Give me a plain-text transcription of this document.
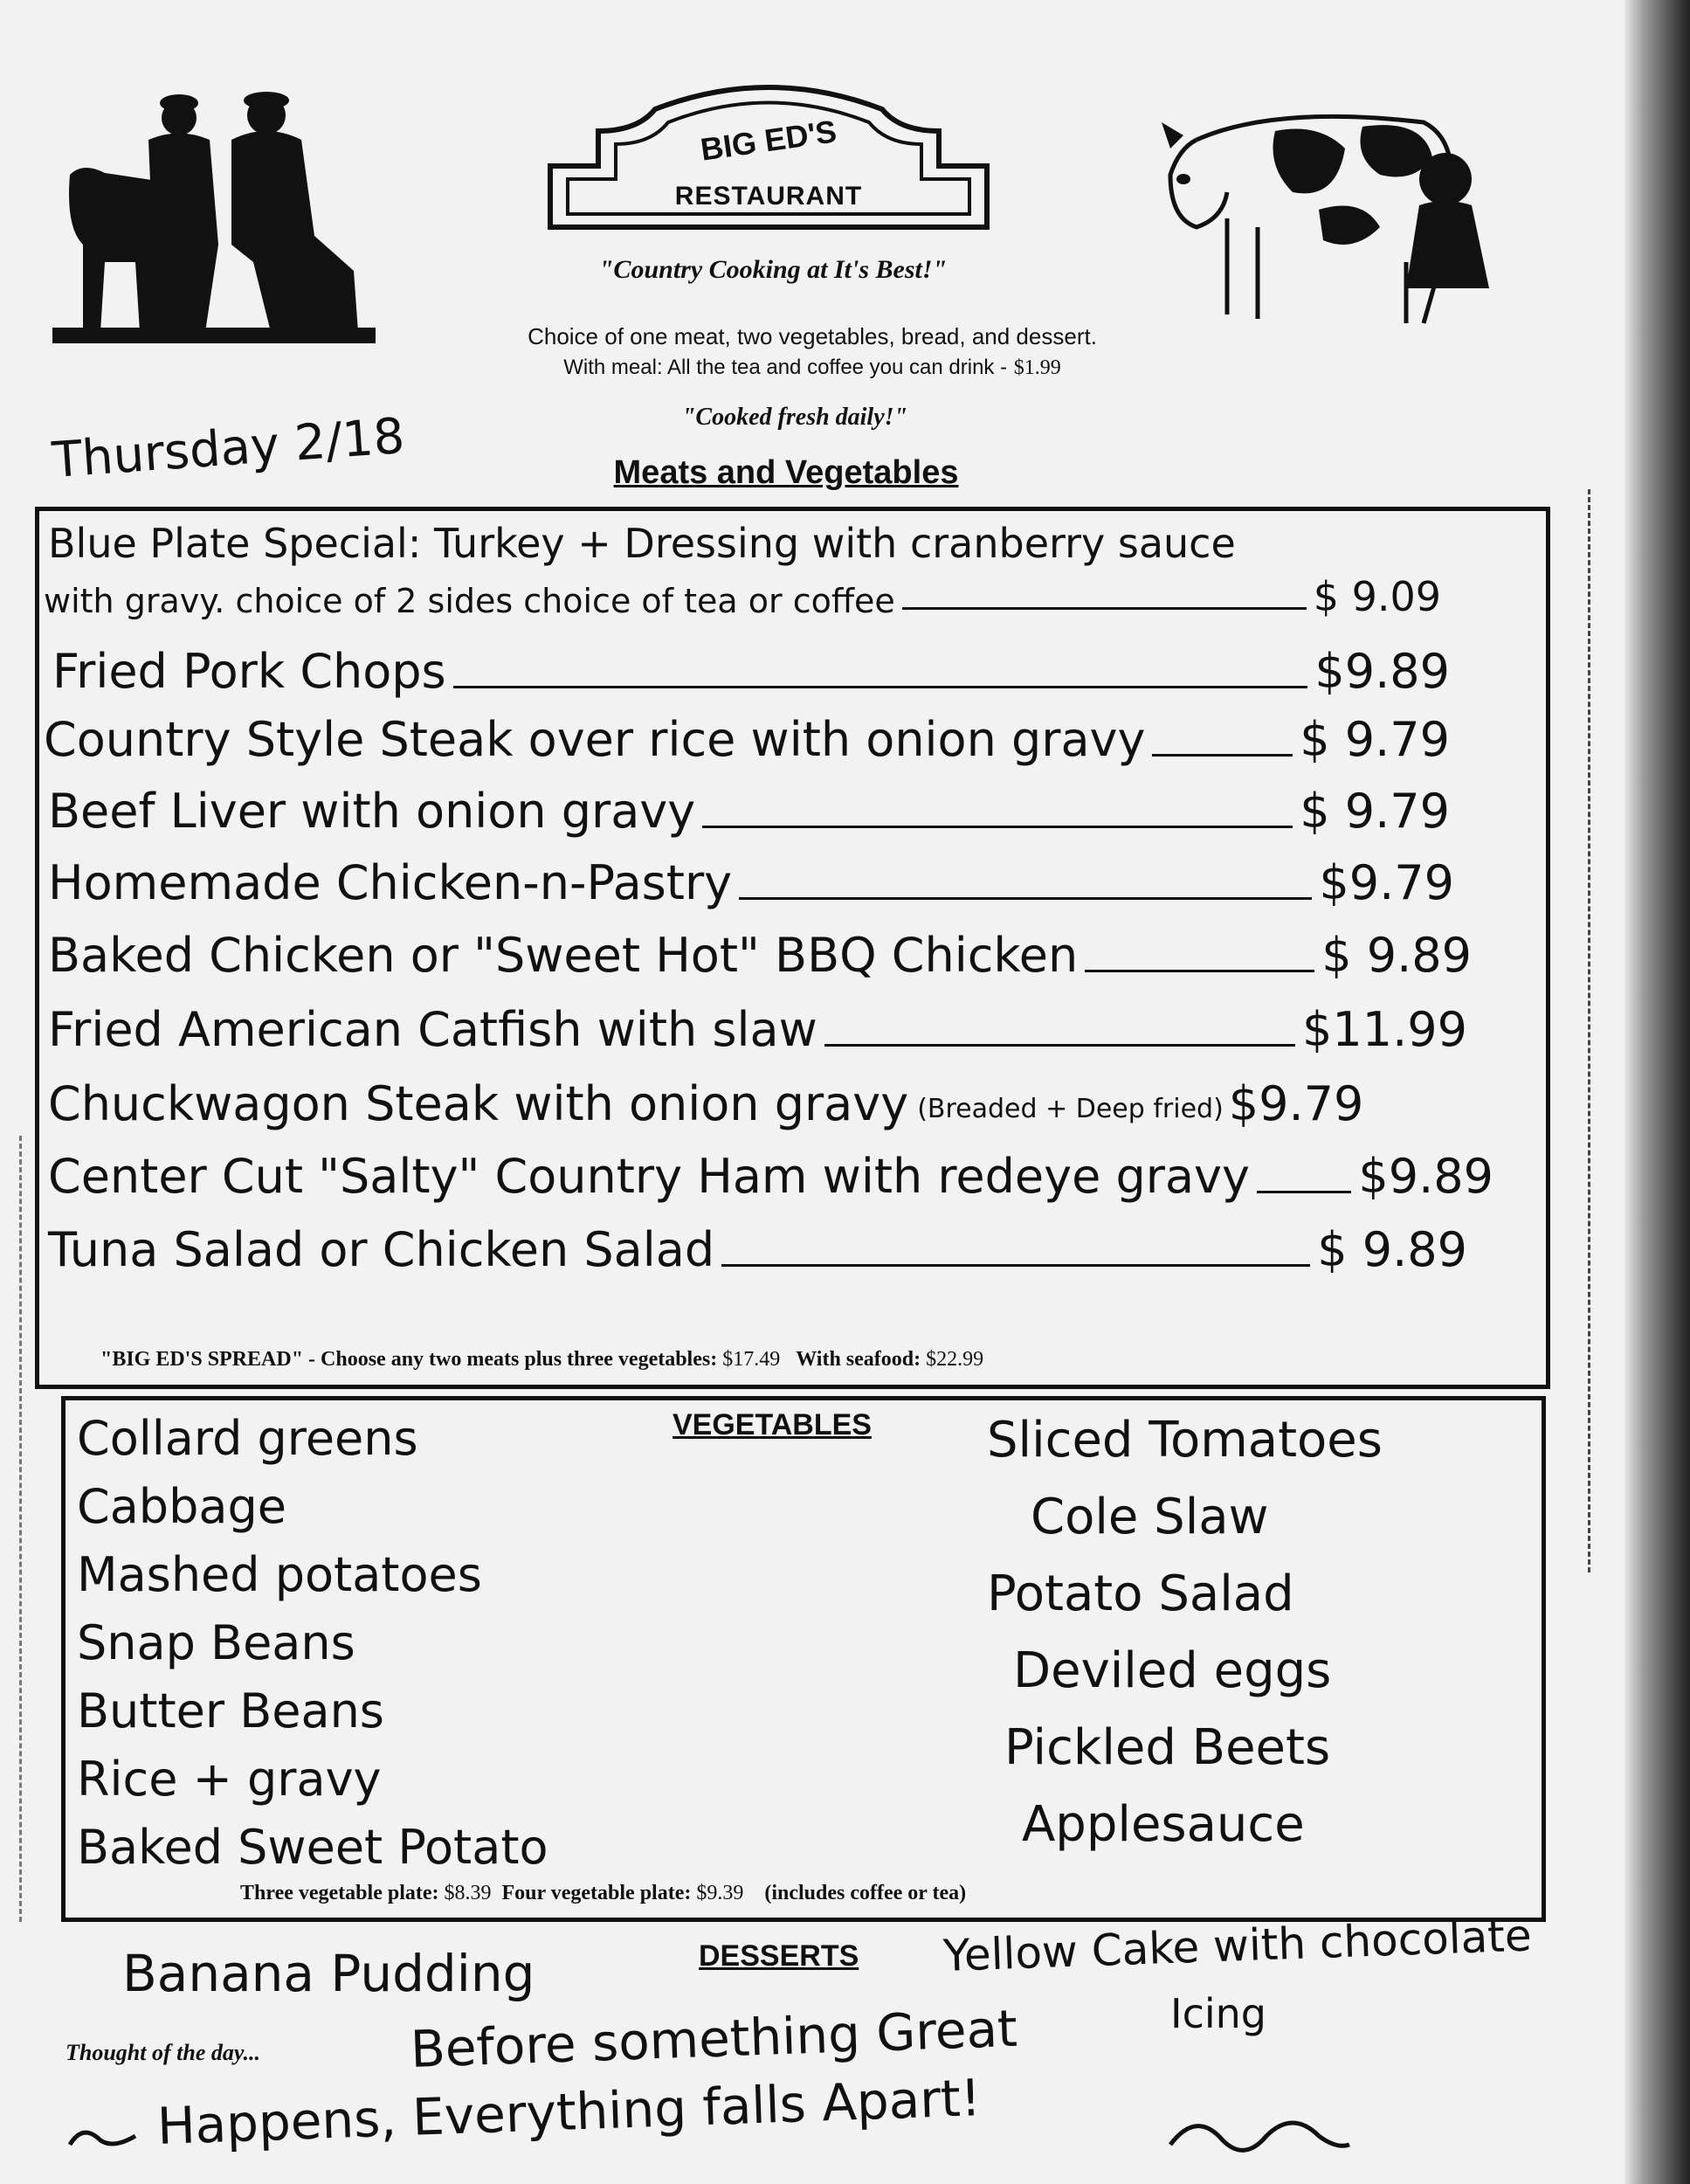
BIG ED'S
RESTAURANT
"Country Cooking at It's Best!"
Choice of one meat, two vegetables, bread, and dessert.
With meal: All the tea and coffee you can drink - $1.99
"Cooked fresh daily!"
Thursday 2/18	Meats and Vegetables
Blue Plate Special: Turkey + Dressing with cranberry sauce
with gravy. choice of 2 sides choice of tea or coffee	$ 9.09
Fried Pork Chops	$9.89
Country Style Steak over rice with onion gravy	$ 9.79
Beef Liver with onion gravy	$ 9.79
Homemade Chicken-n-Pastry	$9.79
Baked Chicken or "Sweet Hot" BBQ Chicken	$ 9.89
Fried American Catfish with slaw	$11.99
Chuckwagon Steak with onion gravy (Breaded + Deep fried) $9.79
Center Cut "Salty" Country Ham with redeye gravy $9.89
Tuna Salad or Chicken Salad	$ 9.89
"BIG ED'S SPREAD" - Choose any two meats plus three vegetables: $17.49 With seafood: $22.99
VEGETABLES
Collard greens
Cabbage
Mashed potatoes
Snap Beans
Butter Beans
Rice + gravy
Baked Sweet Potato
Sliced Tomatoes
Cole Slaw
Potato Salad
Deviled eggs
Pickled Beets
Applesauce
Three vegetable plate: $8.39 Four vegetable plate: $9.39 (includes coffee or tea)
DESSERTS
Banana Pudding	Yellow Cake with chocolate
Icing
Thought of the day...	Before something Great
Happens, Everything falls Apart!
